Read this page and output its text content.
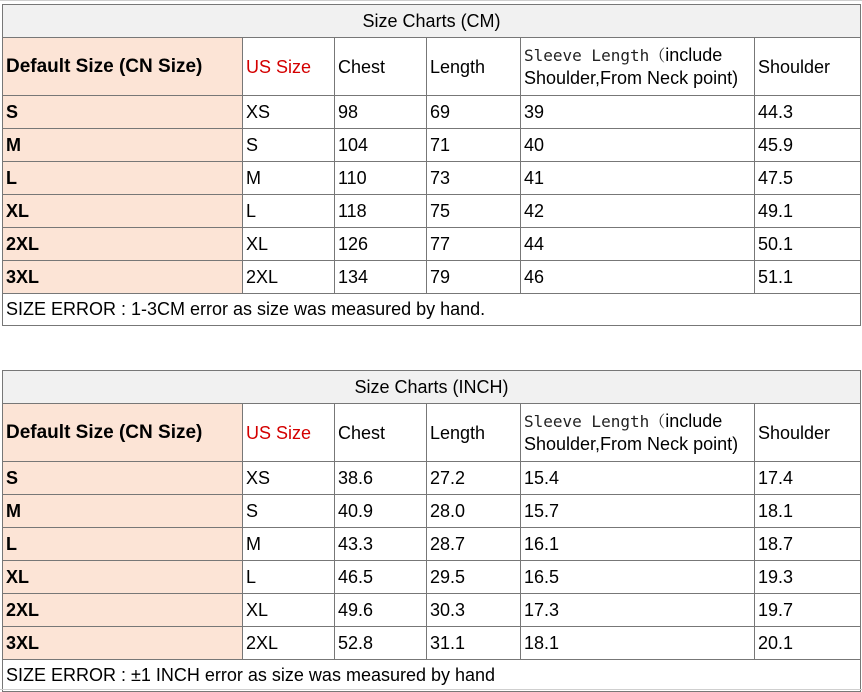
Size Charts (CM)					
Default Size (CN Size)	US Size	Chest	Length	Sleeve Length（include Shoulder,From Neck point)	Shoulder
S	XS	98	69	39	44.3
M	S	104	71	40	45.9
L	M	110	73	41	47.5
XL	L	118	75	42	49.1
2XL	XL	126	77	44	50.1
3XL	2XL	134	79	46	51.1
SIZE ERROR : 1-3CM error as size was measured by hand.					
Size Charts (INCH)					
Default Size (CN Size)	US Size	Chest	Length	Sleeve Length（include Shoulder,From Neck point)	Shoulder
S	XS	38.6	27.2	15.4	17.4
M	S	40.9	28.0	15.7	18.1
L	M	43.3	28.7	16.1	18.7
XL	L	46.5	29.5	16.5	19.3
2XL	XL	49.6	30.3	17.3	19.7
3XL	2XL	52.8	31.1	18.1	20.1
SIZE ERROR : ±1 INCH error as size was measured by hand					
